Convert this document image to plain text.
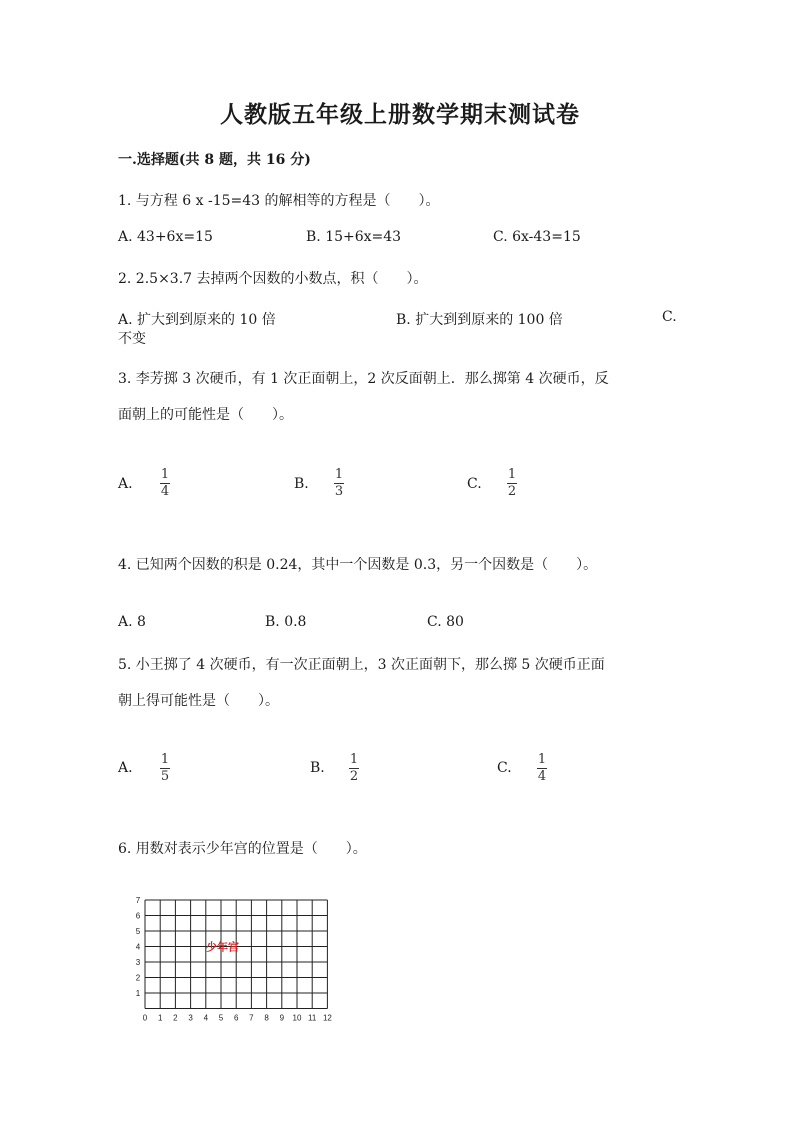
人教版五年级上册数学期末测试卷
一.选择题(共 8 题，共 16 分)
1. 与方程 6 x -15=43 的解相等的方程是（　　）。
A. 43+6x=15	B. 15+6x=43	C. 6x-43=15
2. 2.5×3.7 去掉两个因数的小数点，积（　　）。
A. 扩大到到原来的 10 倍	B. 扩大到到原来的 100 倍	C.
不变
3. 李芳掷 3 次硬币，有 1 次正面朝上，2 次反面朝上．那么掷第 4 次硬币，反
面朝上的可能性是（　　）。
A.
1
4	B.
1
3	C.
1
2
4. 已知两个因数的积是 0.24，其中一个因数是 0.3，另一个因数是（　　）。
A. 8	B. 0.8	C. 80
5. 小王掷了 4 次硬币，有一次正面朝上，3 次正面朝下，那么掷 5 次硬币正面
朝上得可能性是（　　）。
A.
1
5
B.
1
2
C.
1
4
6. 用数对表示少年宫的位置是（　　）。
0 1 2 3 4 5 6 7 8 9 10 11 12
1
2
3
4
5
6
7
少年宫
